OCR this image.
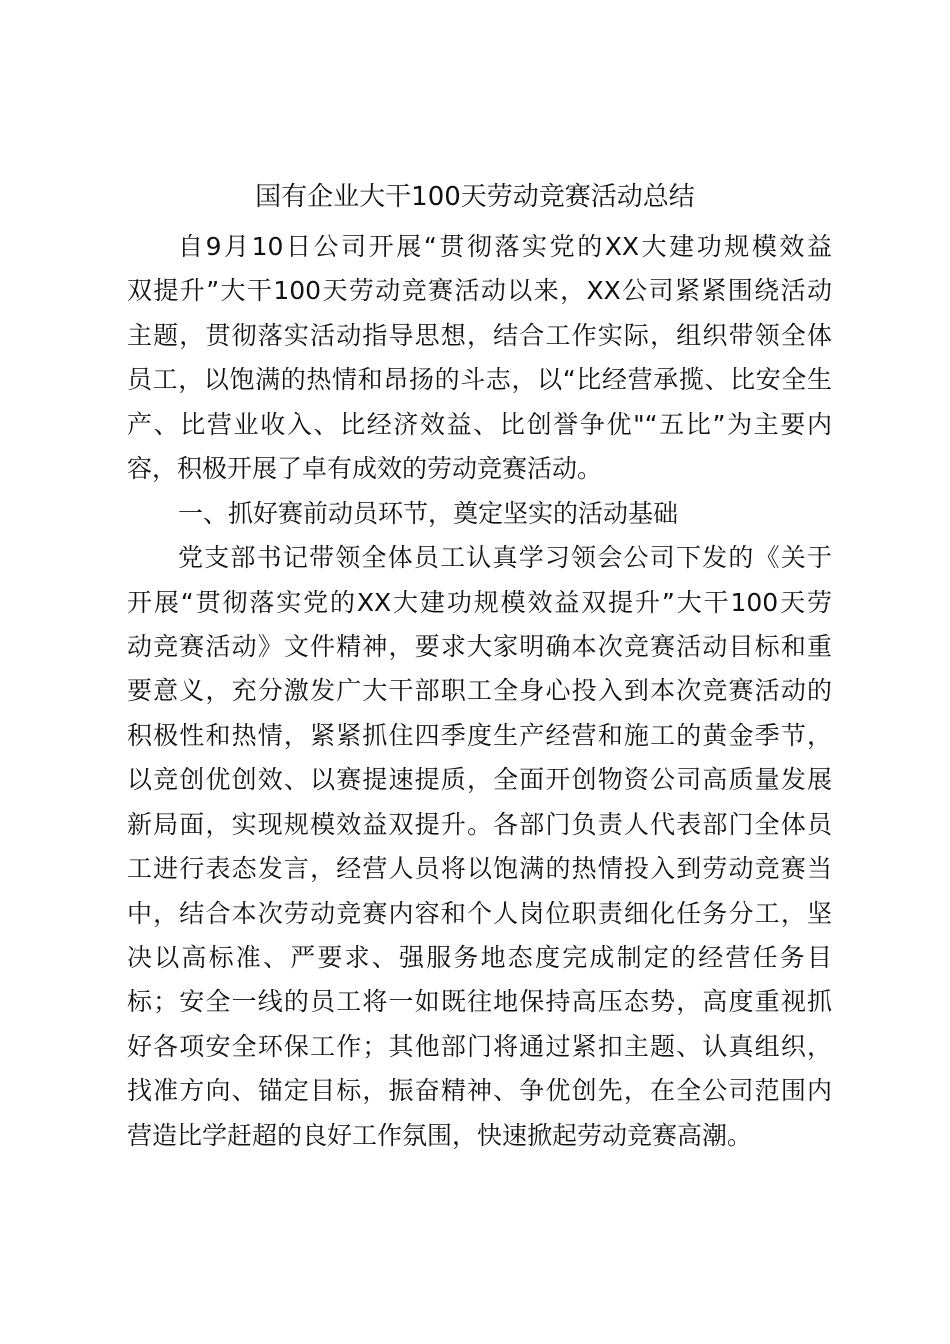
国有企业大干100天劳动竞赛活动总结
自9月10日公司开展“贯彻落实党的XX大建功规模效益
双提升”大干100天劳动竞赛活动以来，XX公司紧紧围绕活动
主题，贯彻落实活动指导思想，结合工作实际，组织带领全体
员工，以饱满的热情和昂扬的斗志，以“比经营承揽、比安全生
产、比营业收入、比经济效益、比创誉争优"“五比”为主要内
容，积极开展了卓有成效的劳动竞赛活动。
一、抓好赛前动员环节，奠定坚实的活动基础
党支部书记带领全体员工认真学习领会公司下发的《关于
开展“贯彻落实党的XX大建功规模效益双提升”大干100天劳
动竞赛活动》文件精神，要求大家明确本次竞赛活动目标和重
要意义，充分激发广大干部职工全身心投入到本次竞赛活动的
积极性和热情，紧紧抓住四季度生产经营和施工的黄金季节，
以竞创优创效、以赛提速提质，全面开创物资公司高质量发展
新局面，实现规模效益双提升。各部门负责人代表部门全体员
工进行表态发言，经营人员将以饱满的热情投入到劳动竞赛当
中，结合本次劳动竞赛内容和个人岗位职责细化任务分工，坚
决以高标准、严要求、强服务地态度完成制定的经营任务目
标；安全一线的员工将一如既往地保持高压态势，高度重视抓
好各项安全环保工作；其他部门将通过紧扣主题、认真组织，
找准方向、锚定目标，振奋精神、争优创先，在全公司范围内
营造比学赶超的良好工作氛围，快速掀起劳动竞赛高潮。
